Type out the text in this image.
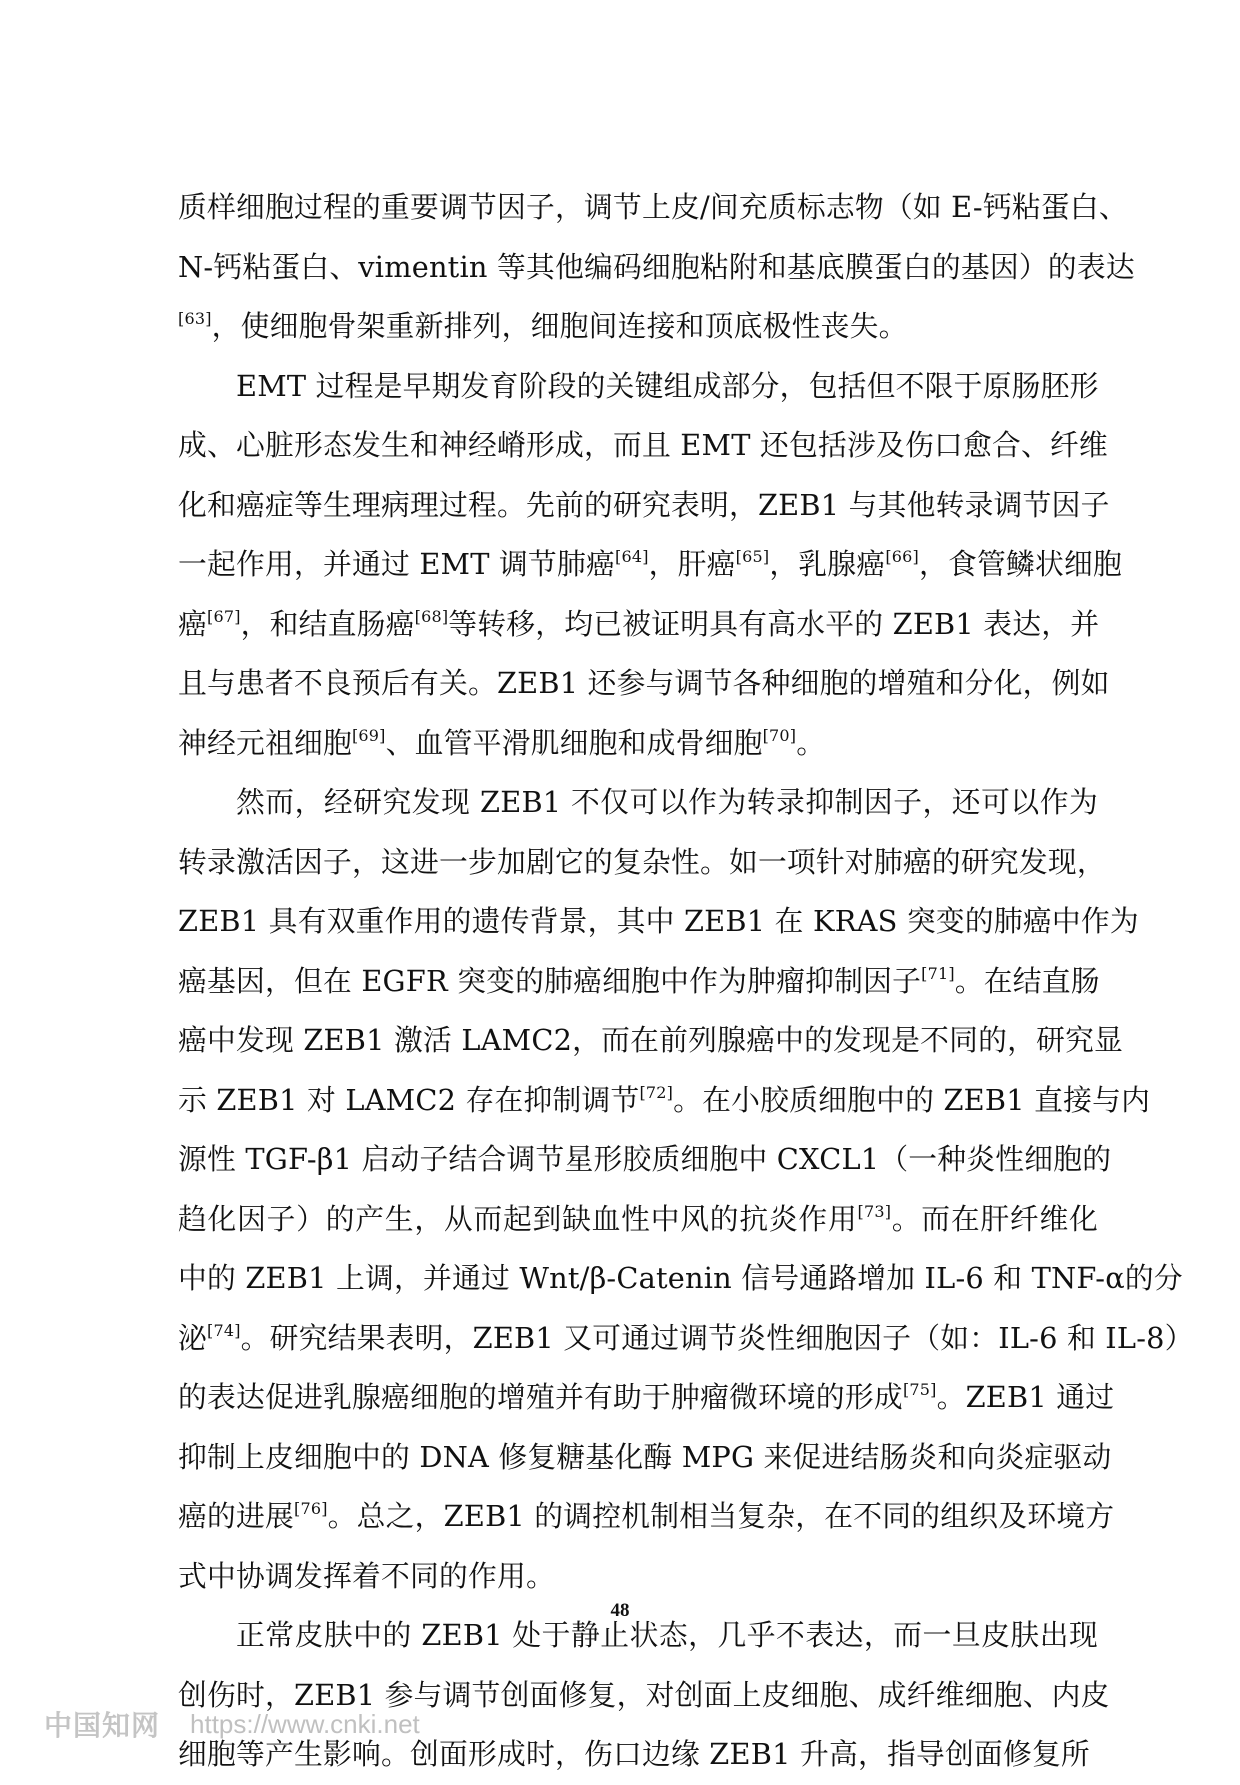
质样细胞过程的重要调节因子，调节上皮/间充质标志物（如 E-钙粘蛋白、
N-钙粘蛋白、vimentin 等其他编码细胞粘附和基底膜蛋白的基因）的表达
[63]，使细胞骨架重新排列，细胞间连接和顶底极性丧失。
EMT 过程是早期发育阶段的关键组成部分，包括但不限于原肠胚形
成、心脏形态发生和神经嵴形成，而且 EMT 还包括涉及伤口愈合、纤维
化和癌症等生理病理过程。先前的研究表明，ZEB1 与其他转录调节因子
一起作用，并通过 EMT 调节肺癌[64]，肝癌[65]，乳腺癌[66]，食管鳞状细胞
癌[67]，和结直肠癌[68]等转移，均已被证明具有高水平的 ZEB1 表达，并
且与患者不良预后有关。ZEB1 还参与调节各种细胞的增殖和分化，例如
神经元祖细胞[69]、血管平滑肌细胞和成骨细胞[70]。
然而，经研究发现 ZEB1 不仅可以作为转录抑制因子，还可以作为
转录激活因子，这进一步加剧它的复杂性。如一项针对肺癌的研究发现，
ZEB1 具有双重作用的遗传背景，其中 ZEB1 在 KRAS 突变的肺癌中作为
癌基因，但在 EGFR 突变的肺癌细胞中作为肿瘤抑制因子[71]。在结直肠
癌中发现 ZEB1 激活 LAMC2，而在前列腺癌中的发现是不同的，研究显
示 ZEB1 对 LAMC2 存在抑制调节[72]。在小胶质细胞中的 ZEB1 直接与内
源性 TGF-β1 启动子结合调节星形胶质细胞中 CXCL1（一种炎性细胞的
趋化因子）的产生，从而起到缺血性中风的抗炎作用[73]。而在肝纤维化
中的 ZEB1 上调，并通过 Wnt/β-Catenin 信号通路增加 IL-6 和 TNF-α的分
泌[74]。研究结果表明，ZEB1 又可通过调节炎性细胞因子（如：IL-6 和 IL-8）
的表达促进乳腺癌细胞的增殖并有助于肿瘤微环境的形成[75]。ZEB1 通过
抑制上皮细胞中的 DNA 修复糖基化酶 MPG 来促进结肠炎和向炎症驱动
癌的进展[76]。总之，ZEB1 的调控机制相当复杂，在不同的组织及环境方
式中协调发挥着不同的作用。
正常皮肤中的 ZEB1 处于静止状态，几乎不表达，而一旦皮肤出现
创伤时，ZEB1 参与调节创面修复，对创面上皮细胞、成纤维细胞、内皮
细胞等产生影响。创面形成时，伤口边缘 ZEB1 升高，指导创面修复所
48
中国知网 https://www.cnki.net
